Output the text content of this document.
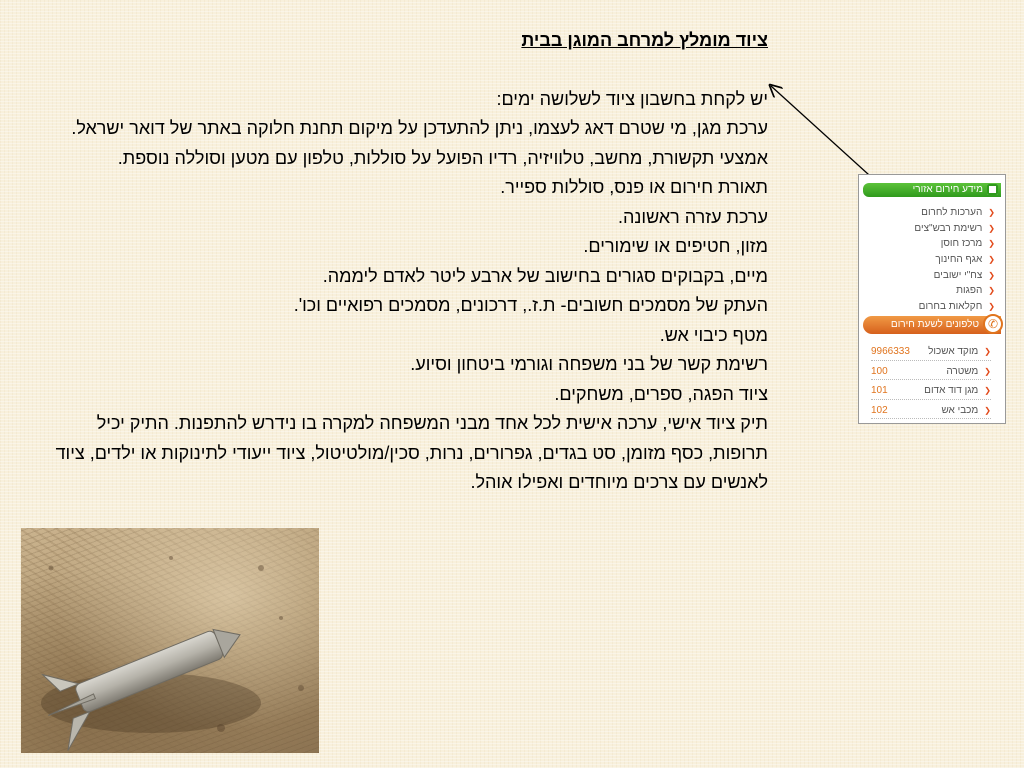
ציוד מומלץ למרחב המוגן בבית

יש לקחת בחשבון ציוד לשלושה ימים:

ערכת מגן, מי שטרם דאג לעצמו, ניתן להתעדכן על מיקום תחנת חלוקה באתר של דואר ישראל.

אמצעי תקשורת, מחשב, טלוויזיה, רדיו הפועל על סוללות, טלפון עם מטען וסוללה נוספת.

תאורת חירום או פנס, סוללות ספייר.

ערכת עזרה ראשונה.

מזון, חטיפים או שימורים.

מיים, בקבוקים סגורים בחישוב של ארבע ליטר לאדם ליממה.

העתק של מסמכים חשובים- ת.ז., דרכונים, מסמכים רפואיים וכו'.

מטף כיבוי אש.

רשימת קשר של בני משפחה וגורמי ביטחון וסיוע.

ציוד הפגה, ספרים, משחקים.

תיק ציוד אישי, ערכה אישית לכל אחד מבני המשפחה למקרה בו נידרש להתפנות. התיק יכיל תרופות, כסף מזומן, סט בגדים, גפרורים, נרות, סכין/מולטיטול, ציוד ייעודי לתינוקות או ילדים, ציוד לאנשים עם צרכים מיוחדים ואפילו אוהל.

מידע חירום אזורי
❮הערכות לחרום
❮רשימת רבש"צים
❮מרכז חוסן
❮אגף החינוך
❮צח"י ישובים
❮הפגות
❮חקלאות בחרום
✆
טלפונים לשעת חירום
❮מוקד אשכול
9966333
❮משטרה
100
❮מגן דוד אדום
101
❮מכבי אש
102
